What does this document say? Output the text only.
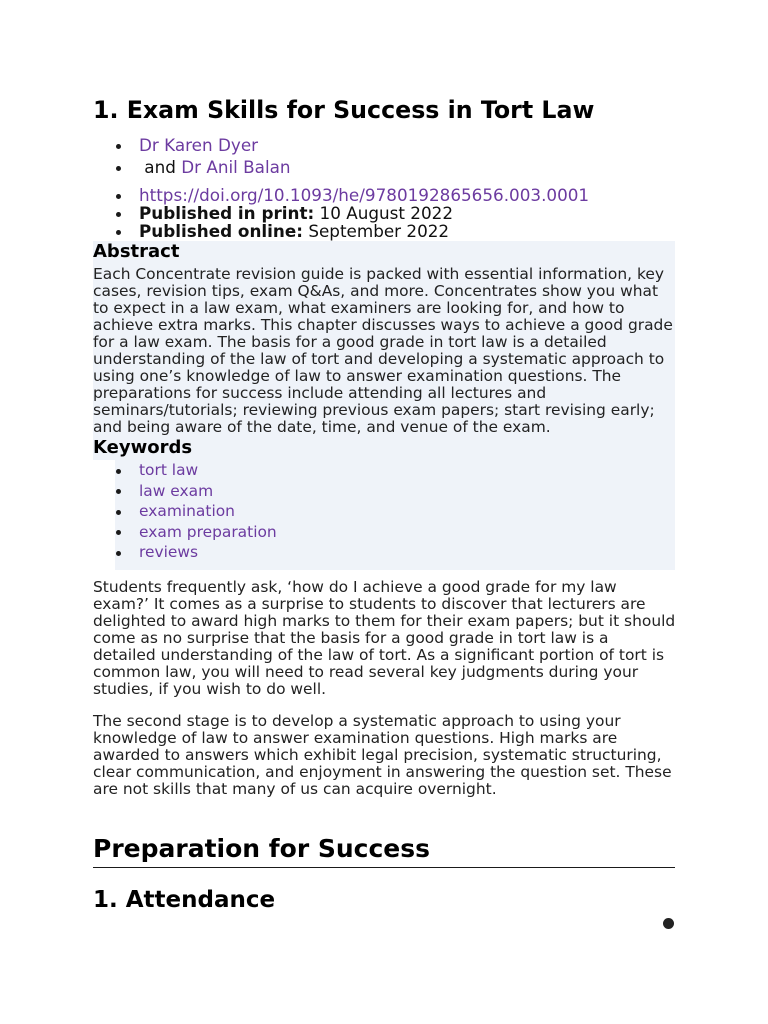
1. Exam Skills for Success in Tort Law
Dr Karen Dyer
and Dr Anil Balan
https://doi.org/10.1093/he/9780192865656.003.0001
Published in print: 10 August 2022
Published online: September 2022
Abstract

Each Concentrate revision guide is packed with essential information, key cases, revision tips, exam Q&As, and more. Concentrates show you what to expect in a law exam, what examiners are looking for, and how to achieve extra marks. This chapter discusses ways to achieve a good grade for a law exam. The basis for a good grade in tort law is a detailed understanding of the law of tort and developing a systematic approach to using one’s knowledge of law to answer examination questions. The preparations for success include attending all lectures and seminars/tutorials; reviewing previous exam papers; start revising early; and being aware of the date, time, and venue of the exam.

Keywords
tort law
law exam
examination
exam preparation
reviews

Students frequently ask, ‘how do I achieve a good grade for my law exam?’ It comes as a surprise to students to discover that lecturers are delighted to award high marks to them for their exam papers; but it should come as no surprise that the basis for a good grade in tort law is a detailed understanding of the law of tort. As a significant portion of tort is common law, you will need to read several key judgments during your studies, if you wish to do well.

The second stage is to develop a systematic approach to using your knowledge of law to answer examination questions. High marks are awarded to answers which exhibit legal precision, systematic structuring, clear communication, and enjoyment in answering the question set. These are not skills that many of us can acquire overnight.

Preparation for Success
1. Attendance
